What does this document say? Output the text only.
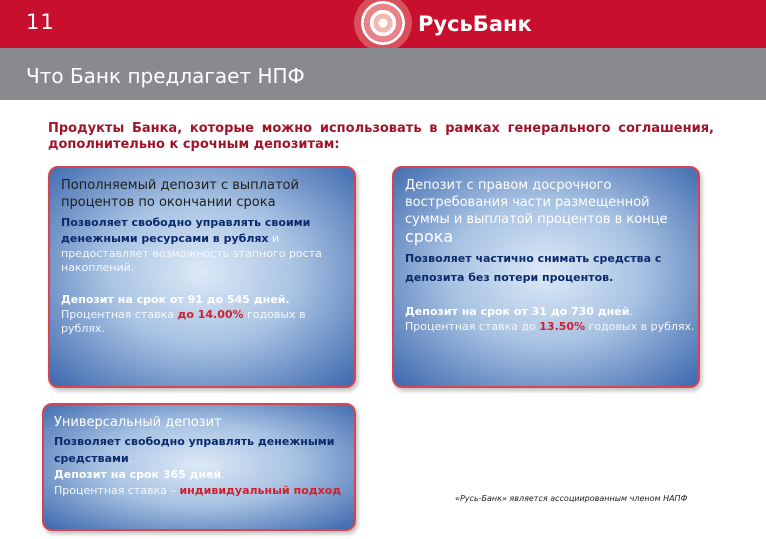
11	РусьБанк
Что Банк предлагает НПФ
Продукты Банка, которые можно использовать в рамках генерального соглашения, дополнительно к срочным депозитам:

Пополняемый депозит с выплатой процентов по окончании срока

Позволяет свободно управлять своими денежными ресурсами в рублях и

предоставляет возможность этапного роста накоплений.

Депозит на срок от 91 до 545 дней.

Процентная ставка до 14.00% годовых в рублях.

Депозит с правом досрочного востребования части размещенной суммы и выплатой процентов в конце срока

Позволяет частично снимать средства с депозита без потери процентов.

Депозит на срок от 31 до 730 дней.

Процентная ставка до 13.50% годовых в рублях.

Универсальный депозит

Позволяет свободно управлять денежными средствами.

Депозит на срок 365 дней.

Процентная ставка – индивидуальный подход

«Русь-Банк» является ассоциированным членом НАПФ
